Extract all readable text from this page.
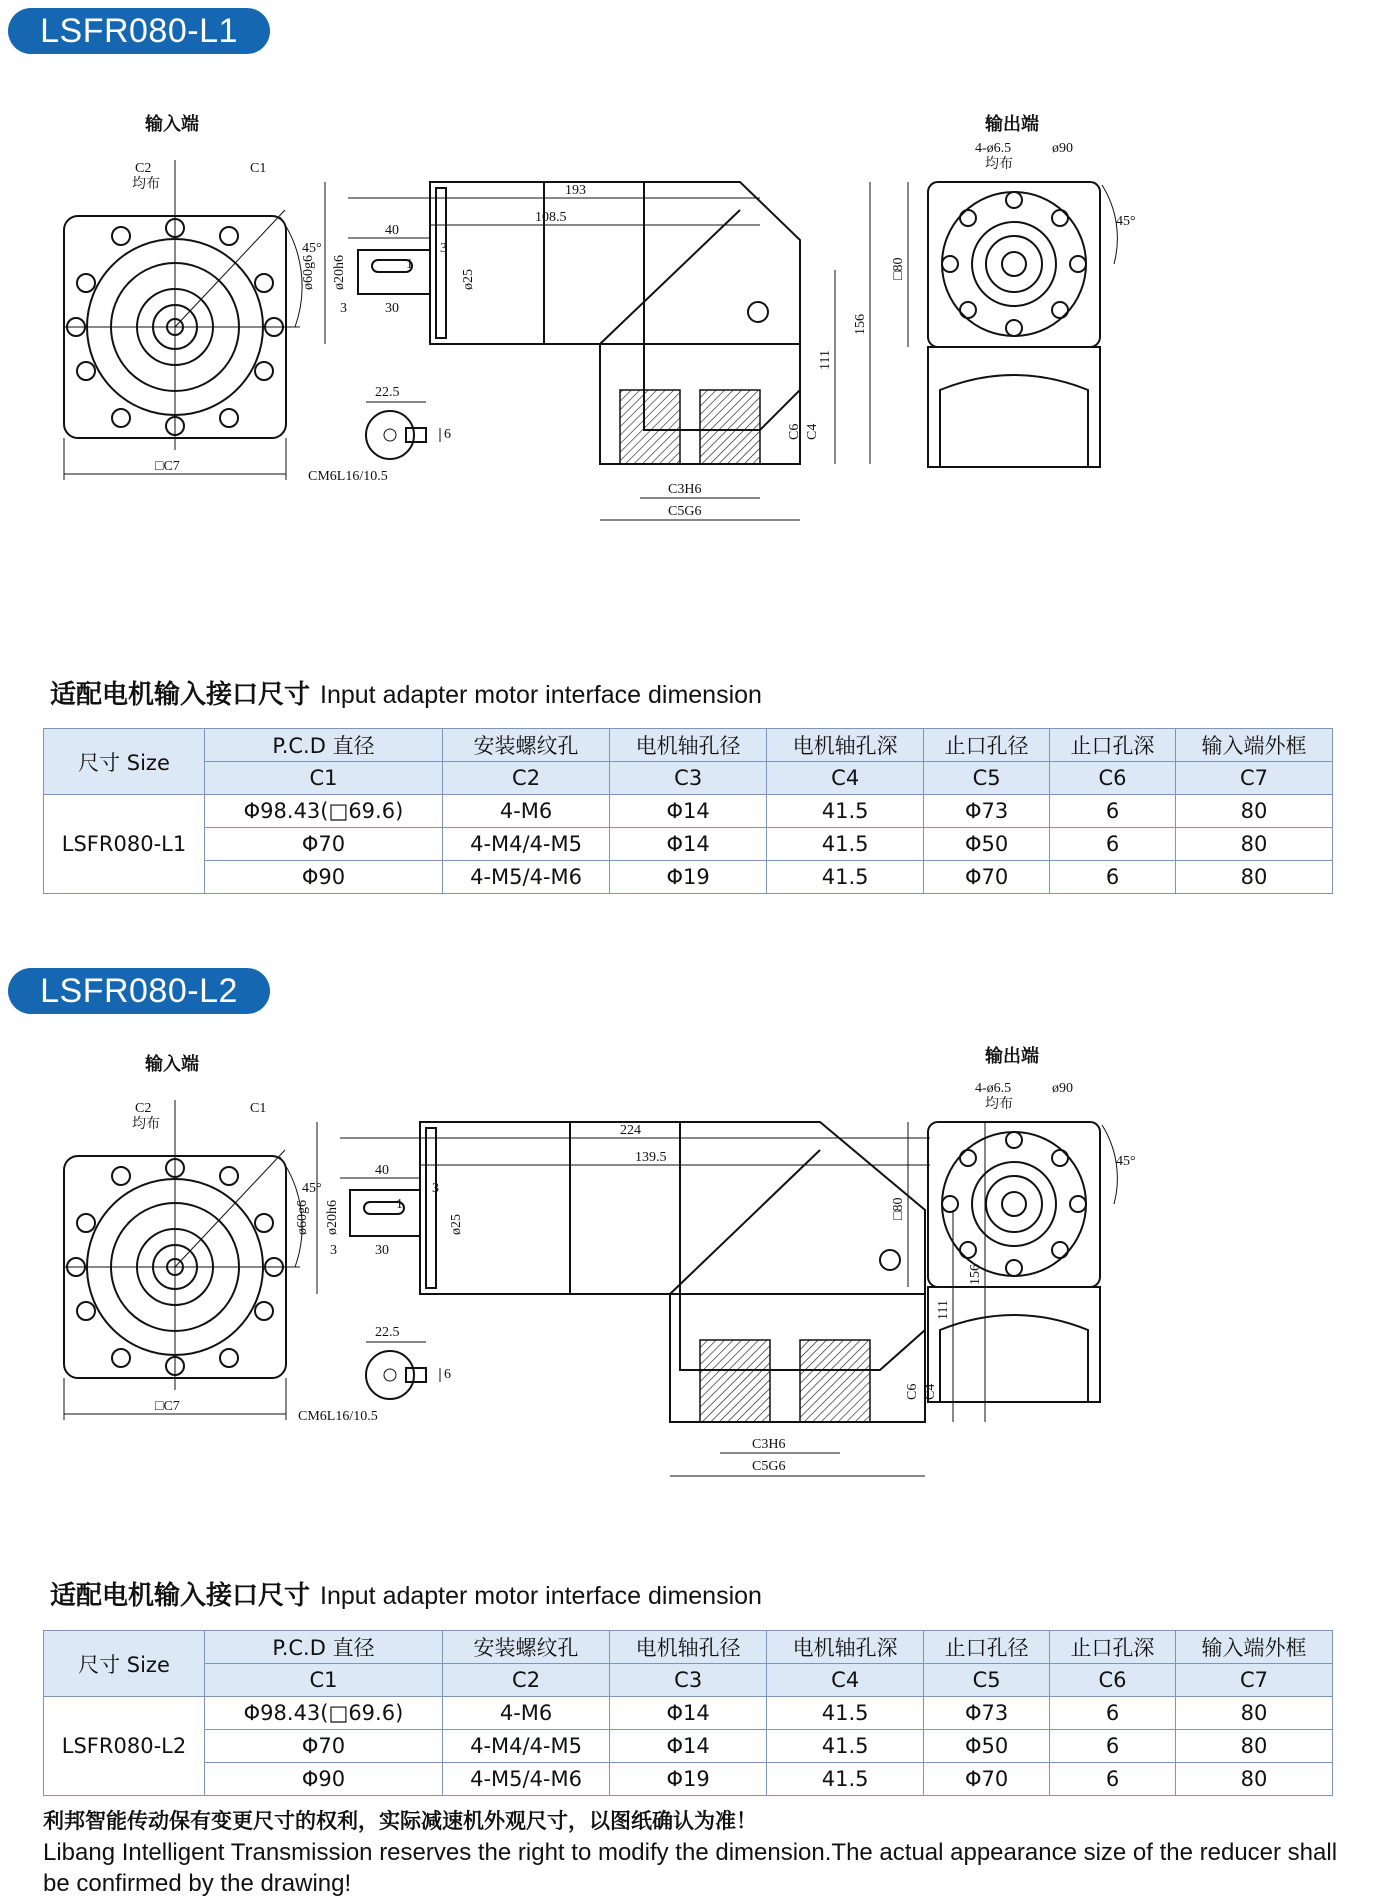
LSFR080-L1
输入端
C2
均布
C1
45°
□C7
193
40
108.5
3
1
ø60g6 ø20h6	ø25
3	30
156
111
C6 C4
C3H6
C5G6
22.5
6
CM6L16/10.5
输出端
□80
4-ø6.5
均布
ø90
45°
适配电机输入接口尺寸 Input adapter motor interface dimension
尺寸 Size	P.C.D 直径	安装螺纹孔	电机轴孔径	电机轴孔深	止口孔径	止口孔深	输入端外框
	C1	C2	C3	C4	C5	C6	C7
LSFR080-L1	Φ98.43(□69.6)	4-M6	Φ14	41.5	Φ73	6	80
	Φ70	4-M4/4-M5	Φ14	41.5	Φ50	6	80
	Φ90	4-M5/4-M6	Φ19	41.5	Φ70	6	80
LSFR080-L2
输入端
C2
均布
C1
45°
□C7
224
40
139.5
3
1
ø60g6 ø20h6	ø25
3	30
156
111
C6 C4
C3H6
C5G6
22.5
6
CM6L16/10.5
输出端
□80
4-ø6.5
均布
ø90
45°
适配电机输入接口尺寸 Input adapter motor interface dimension
尺寸 Size	P.C.D 直径	安装螺纹孔	电机轴孔径	电机轴孔深	止口孔径	止口孔深	输入端外框
	C1	C2	C3	C4	C5	C6	C7
LSFR080-L2	Φ98.43(□69.6)	4-M6	Φ14	41.5	Φ73	6	80
	Φ70	4-M4/4-M5	Φ14	41.5	Φ50	6	80
	Φ90	4-M5/4-M6	Φ19	41.5	Φ70	6	80
利邦智能传动保有变更尺寸的权利，实际减速机外观尺寸，以图纸确认为准！
Libang Intelligent Transmission reserves the right to modify the dimension.The actual appearance size of the reducer shall be confirmed by the drawing!
